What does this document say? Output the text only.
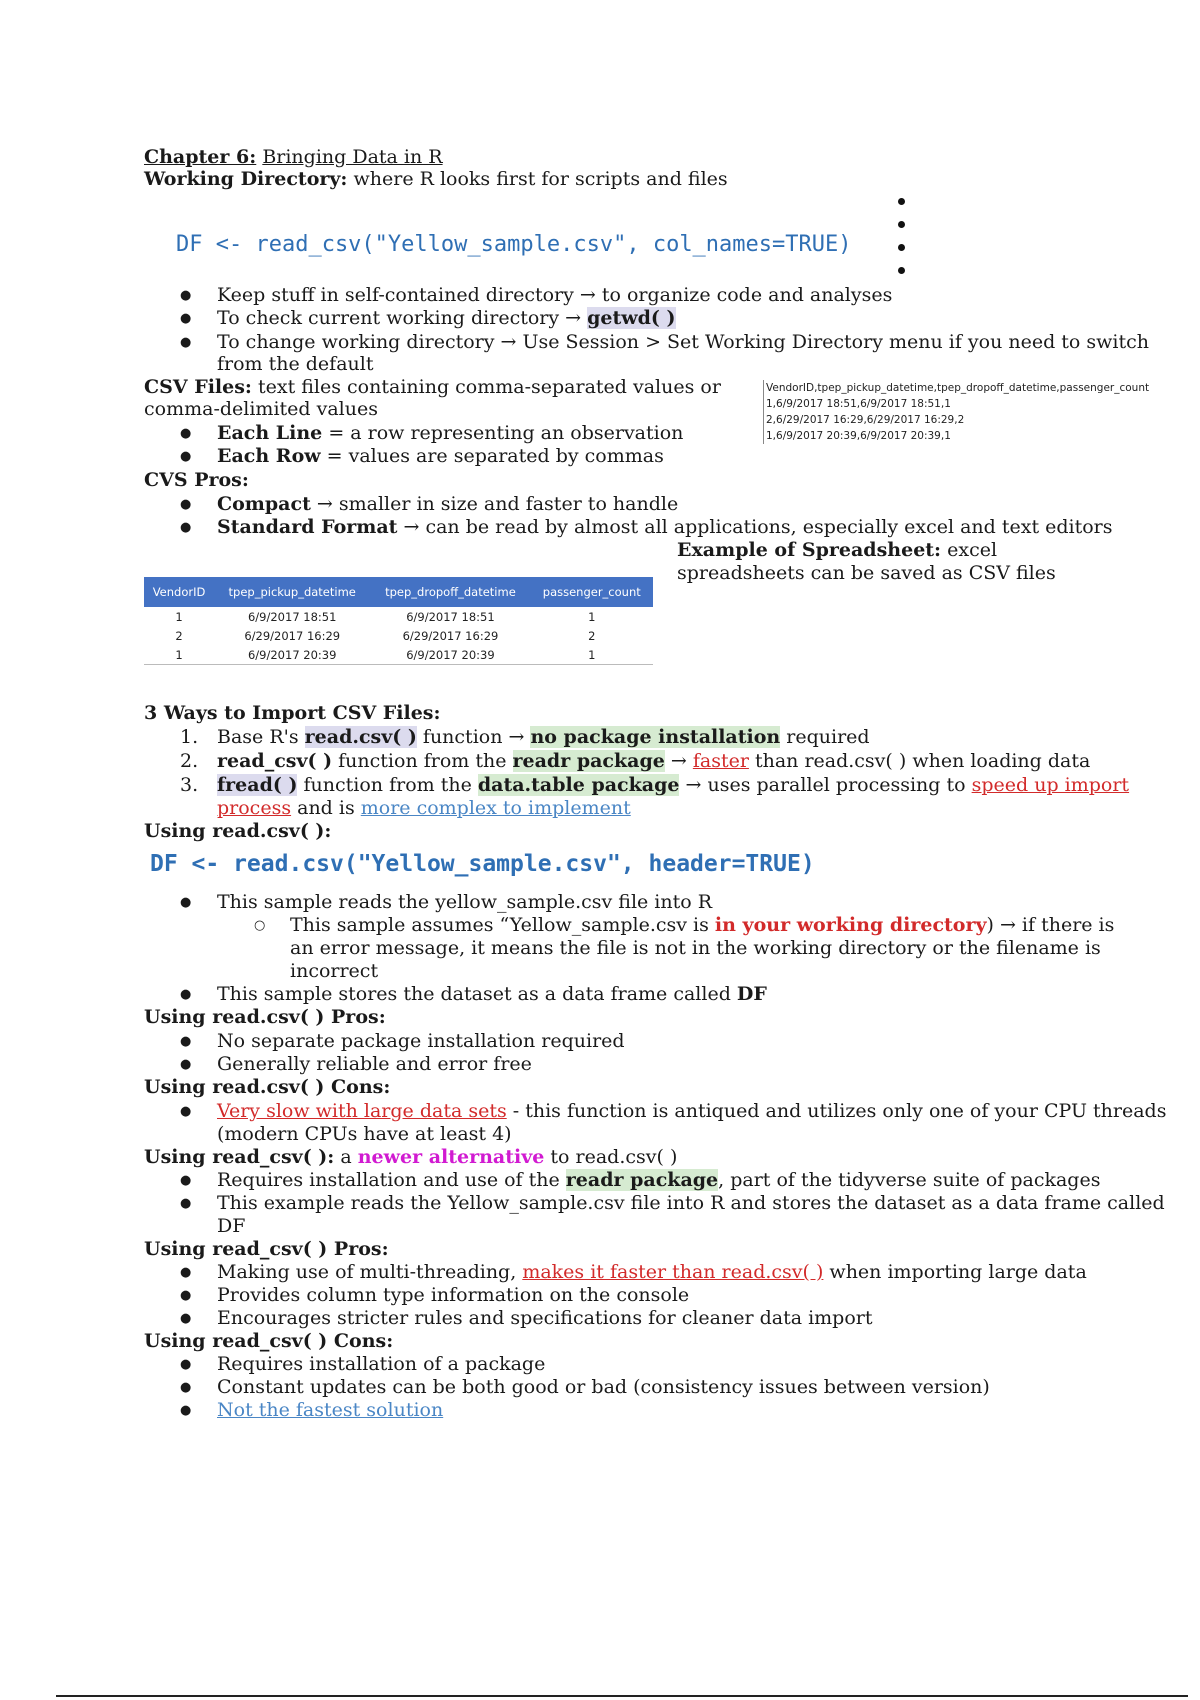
Chapter 6: Bringing Data in R
Working Directory: where R looks first for scripts and files
DF <- read_csv("Yellow_sample.csv", col_names=TRUE)
● Keep stuff in self-contained directory → to organize code and analyses
● To check current working directory → getwd( )
● To change working directory → Use Session > Set Working Directory menu if you need to switch
from the default
CSV Files: text files containing comma-separated values or
comma-delimited values
● Each Line = a row representing an observation
● Each Row = values are separated by commas
VendorID,tpep_pickup_datetime,tpep_dropoff_datetime,passenger_count
1,6/9/2017 18:51,6/9/2017 18:51,1
2,6/29/2017 16:29,6/29/2017 16:29,2
1,6/9/2017 20:39,6/9/2017 20:39,1
CVS Pros:
● Compact → smaller in size and faster to handle
● Standard Format → can be read by almost all applications, especially excel and text editors
Example of Spreadsheet: excel
spreadsheets can be saved as CSV files
VendorID	tpep_pickup_datetime	tpep_dropoff_datetime	passenger_count
1	6/9/2017 18:51	6/9/2017 18:51	1
2	6/29/2017 16:29	6/29/2017 16:29	2
1	6/9/2017 20:39	6/9/2017 20:39	1
3 Ways to Import CSV Files:
1. Base R's read.csv( ) function → no package installation required
2. read_csv( ) function from the readr package → faster than read.csv( ) when loading data
3. fread( ) function from the data.table package → uses parallel processing to speed up import
process and is more complex to implement
Using read.csv( ):
DF <- read.csv("Yellow_sample.csv", header=TRUE)
● This sample reads the yellow_sample.csv file into R
○ This sample assumes “Yellow_sample.csv is in your working directory) → if there is
an error message, it means the file is not in the working directory or the filename is
incorrect
● This sample stores the dataset as a data frame called DF
Using read.csv( ) Pros:
● No separate package installation required
● Generally reliable and error free
Using read.csv( ) Cons:
● Very slow with large data sets - this function is antiqued and utilizes only one of your CPU threads
(modern CPUs have at least 4)
Using read_csv( ): a newer alternative to read.csv( )
● Requires installation and use of the readr package, part of the tidyverse suite of packages
● This example reads the Yellow_sample.csv file into R and stores the dataset as a data frame called
DF
Using read_csv( ) Pros:
● Making use of multi-threading, makes it faster than read.csv( ) when importing large data
● Provides column type information on the console
● Encourages stricter rules and specifications for cleaner data import
Using read_csv( ) Cons:
● Requires installation of a package
● Constant updates can be both good or bad (consistency issues between version)
● Not the fastest solution
